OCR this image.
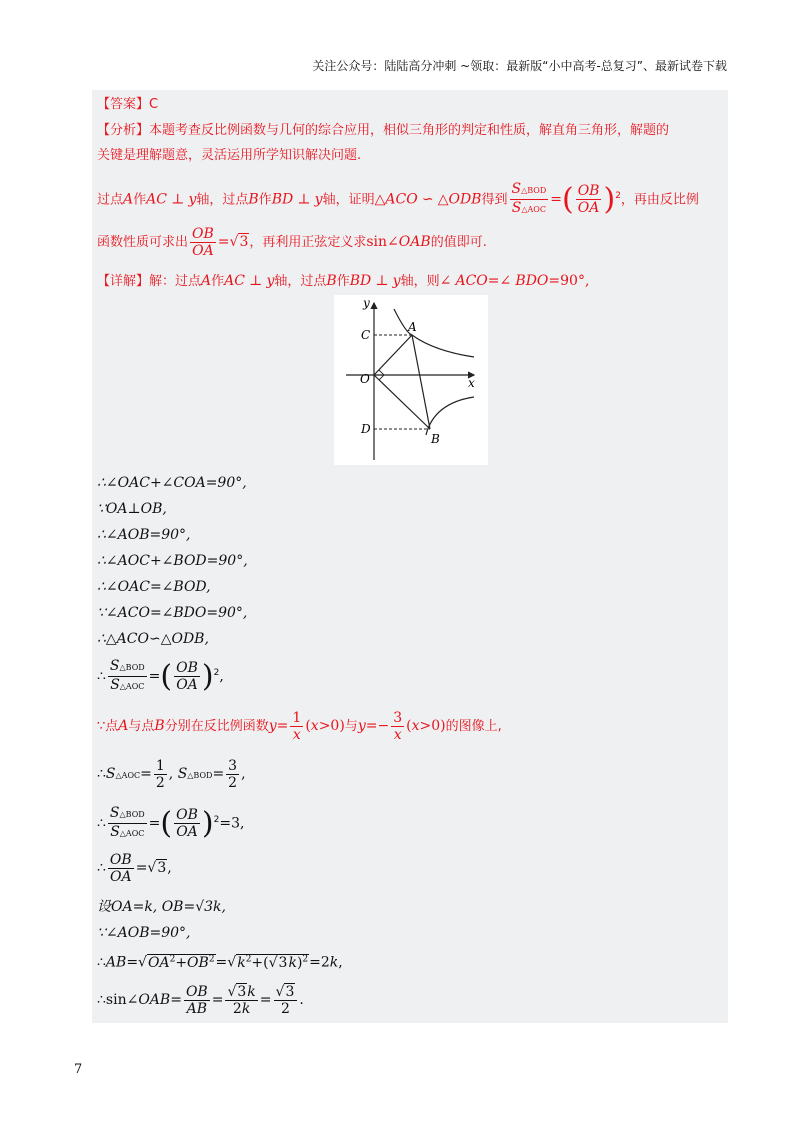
关注公众号：陆陆高分冲刺 ~领取：最新版“小中高考-总复习”、最新试卷下载
【答案】C
【分析】本题考查反比例函数与几何的综合应用，相似三角形的判定和性质，解直角三角形，解题的
关键是理解题意，灵活运用所学知识解决问题.
过点A作AC ⊥ y轴，过点B作BD ⊥ y轴，证明△ACO ∽ △ODB得到 $\frac{\text{S△BOD}}{\text{S△AOC}}$ =( $\frac{OB}{OA} )^2$，再由反比例
函数性质可求出 $\frac{OB}{OA} =√3$，再利用正弦定义求sin∠OAB的值即可.
【详解】解：过点A作AC ⊥ y轴，过点B作BD ⊥ y轴，则∠ ACO=∠ BDO=90°,
y
x
O
C
D
A
B
∴∠OAC+∠COA=90°,
∵OA⊥OB,
∴∠AOB=90°,
∴∠AOC+∠BOD=90°,
∴∠OAC=∠BOD,
∵∠ACO=∠BDO=90°,
∴△ACO∽△ODB,
∴ $\frac{\text{S△BOD}}{\text{S△AOC}}$ =( $\frac{OB}{OA} )^2$,
∵点A与点B分别在反比例函数$y= \frac{1}{x} (x>0)$与$y=- \frac{3}{x} (x>0)$的图像上,
∴S△AOC= $\frac{1}{2}$ , S△BOD= $\frac{3}{2}$ ,
∴ $\frac{\text{S△BOD}}{\text{S△AOC}}$ =( $\frac{OB}{OA} )^2=3$,
∴ $\frac{OB}{OA} =√3$,
设OA=k, OB=√3k,
∵∠AOB=90°,
$\therefore AB=√OA^2+OB^2=√k^2+(√3k)^2=2k$,
∴sin∠OAB= $\frac{OB}{AB} = \frac{√3k}{2k} = \frac{√3}{2}$ .
7
